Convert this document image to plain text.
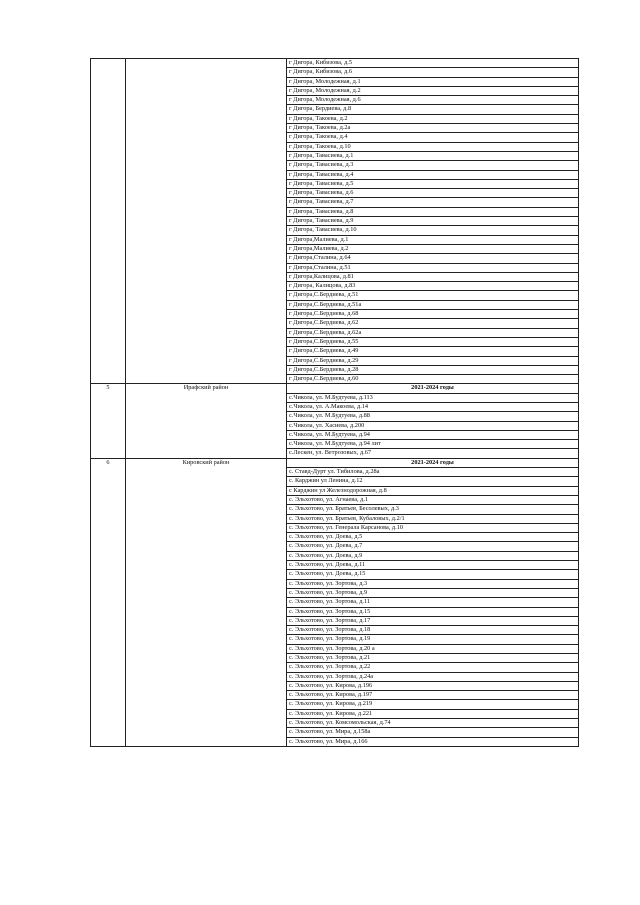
		г Дигора, Кибизова, д.5
		г Дигора, Кибизова, д.6
		г Дигора, Молодежная, д.1
		г Дигора, Молодежная, д.2
		г Дигора, Молодежная, д.6
		г Дигора, Бердиева, д.8
		г Дигора, Такоева, д.2
		г Дигора, Такоева, д.2а
		г Дигора, Такоева, д.4
		г Дигора, Такоева, д.10
		г Дигора, Тавасиева, д.1
		г Дигора, Тавасиева, д.3
		г Дигора, Тавасиева, д.4
		г Дигора, Тавасиева, д.5
		г Дигора, Тавасиева, д.6
		г Дигора, Тавасиева, д.7
		г Дигора, Тавасиева, д.8
		г Дигора, Тавасиева, д.9
		г Дигора, Тавасиева, д.10
		г Дигора,Малиева, д.1
		г Дигора,Малиева, д.2
		г Дигора,Сталина, д.64
		г Дигора,Сталина, д.51
		г Дигора,Калицова, д.81
		г Дигора, Калицова, д.83
		г Дигора,С.Бердиева, д.51
		г Дигора,С.Бердиева, д.51а
		г Дигора,С.Бердиева, д.68
		г Дигора,С.Бердиева, д.62
		г Дигора,С.Бердиева, д.62а
		г Дигора,С.Бердиева, д.55
		г Дигора,С.Бердиева, д.49
		г Дигора,С.Бердиева, д.29
		г Дигора,С.Бердиева, д.28
		г Дигора,С.Бердиева, д.60
5	Ирафский район	2021-2024 годы
		с.Чикола, ул. М.Будтуева, д.113
		с.Чикола, ул. А.Макоева, д.14
		с.Чикола, ул. М.Будтуева, д.88
		с.Чикола, ул. Хасиева, д.200
		с.Чикола, ул. М.Будтуева, д.94
		с.Чикола, ул. М.Будтуева, д.94 лит
		с.Лескен, ул. Ветрозовых, д.67
6	Кировский район	2021-2024 годы
		с. Ставд-Дурт ул. Тибилова, д.28а
		с. Карджин ул Ленина, д.12
		с Карджин ул Железнодорожная, д.8
		с. Эльхотово, ул. Агнаева, д.1
		с. Эльхотово, ул. Братьев, Бесолевых, д.3
		с. Эльхотово, ул. Братьев, Кубаловых, д.2/1
		с. Эльхотово, ул. Генерала Карсанова, д.10
		с. Эльхотово, ул. Доева, д.5
		с. Эльхотово, ул. Доева, д.7
		с. Эльхотово, ул. Доева, д.9
		с. Эльхотово, ул. Доева, д.11
		с. Эльхотово, ул. Доева, д.15
		с. Эльхотово, ул. Зортова, д.3
		с. Эльхотово, ул. Зортова, д.9
		с. Эльхотово, ул. Зортова, д.11
		с. Эльхотово, ул. Зортова, д.15
		с. Эльхотово, ул. Зортова, д.17
		с. Эльхотово, ул. Зортова, д.18
		с. Эльхотово, ул. Зортова, д.19
		с. Эльхотово, ул. Зортова, д.20 а
		с. Эльхотово, ул. Зортова, д.21
		с. Эльхотово, ул. Зортова, д.22
		с. Эльхотово, ул. Зортова, д.24а
		с. Эльхотово, ул. Кирова, д.196
		с. Эльхотово, ул. Кирова, д.197
		с. Эльхотово, ул. Кирова, д.219
		с. Эльхотово, ул. Кирова, д.221
		с. Эльхотово, ул. Комсомольская, д.74
		с. Эльхотово, ул. Мира, д.158а
		с. Эльхотово, ул. Мира, д.166
